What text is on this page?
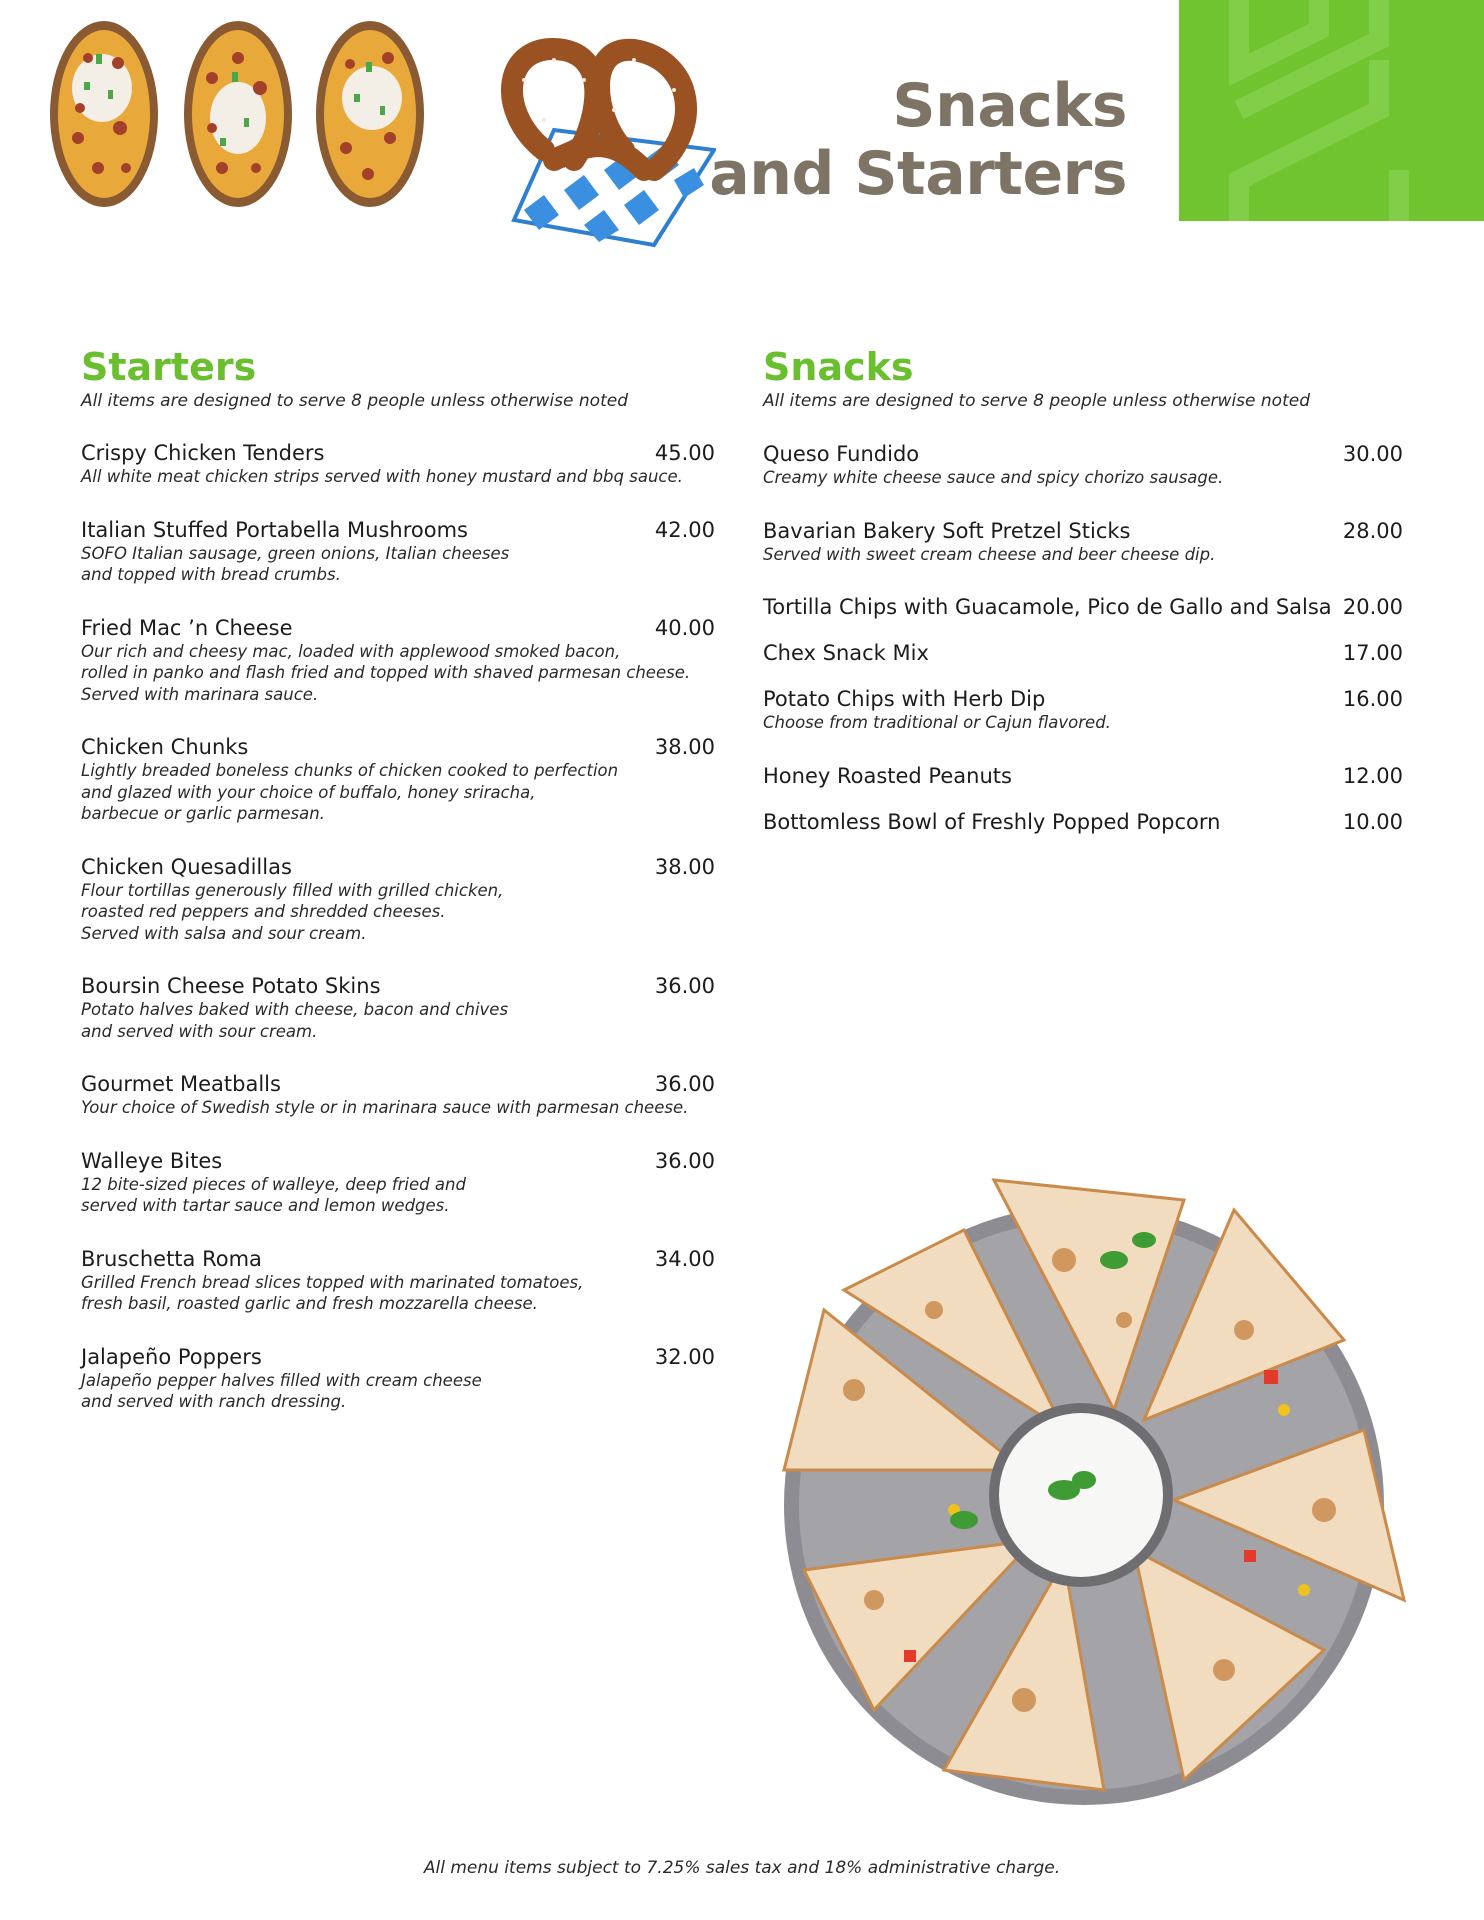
Snacks
and Starters
Starters
All items are designed to serve 8 people unless otherwise noted
Crispy Chicken Tenders	45.00
All white meat chicken strips served with honey mustard and bbq sauce.
Italian Stuffed Portabella Mushrooms	42.00
SOFO Italian sausage, green onions, Italian cheeses
and topped with bread crumbs.
Fried Mac ’n Cheese	40.00
Our rich and cheesy mac, loaded with applewood smoked bacon,
rolled in panko and flash fried and topped with shaved parmesan cheese.
Served with marinara sauce.
Chicken Chunks	38.00
Lightly breaded boneless chunks of chicken cooked to perfection
and glazed with your choice of buffalo, honey sriracha,
barbecue or garlic parmesan.
Chicken Quesadillas	38.00
Flour tortillas generously filled with grilled chicken,
roasted red peppers and shredded cheeses.
Served with salsa and sour cream.
Boursin Cheese Potato Skins	36.00
Potato halves baked with cheese, bacon and chives
and served with sour cream.
Gourmet Meatballs	36.00
Your choice of Swedish style or in marinara sauce with parmesan cheese.
Walleye Bites	36.00
12 bite-sized pieces of walleye, deep fried and
served with tartar sauce and lemon wedges.
Bruschetta Roma	34.00
Grilled French bread slices topped with marinated tomatoes,
fresh basil, roasted garlic and fresh mozzarella cheese.
Jalapeño Poppers	32.00
Jalapeño pepper halves filled with cream cheese
and served with ranch dressing.
Snacks
All items are designed to serve 8 people unless otherwise noted
Queso Fundido	30.00
Creamy white cheese sauce and spicy chorizo sausage.
Bavarian Bakery Soft Pretzel Sticks	28.00
Served with sweet cream cheese and beer cheese dip.
Tortilla Chips with Guacamole, Pico de Gallo and Salsa 20.00
Chex Snack Mix	17.00
Potato Chips with Herb Dip	16.00
Choose from traditional or Cajun flavored.
Honey Roasted Peanuts	12.00
Bottomless Bowl of Freshly Popped Popcorn	10.00
All menu items subject to 7.25% sales tax and 18% administrative charge.
